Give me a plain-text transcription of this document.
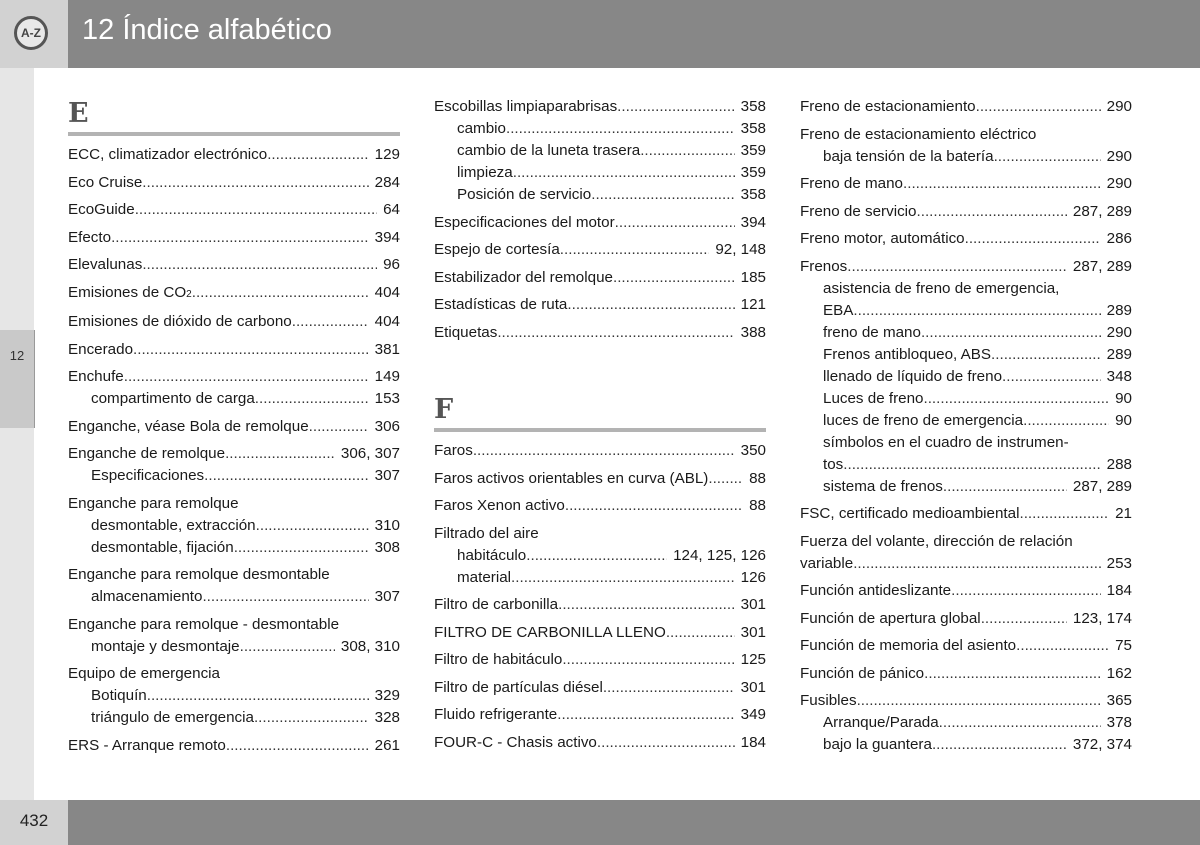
A-Z 12 Índice alfabético
12
E
ECC, climatizador electrónico .....	129
Eco Cruise .....	284
EcoGuide .....	64
Efecto .....	394
Elevalunas .....	96
Emisiones de CO 2 .....	404
Emisiones de dióxido de carbono .....	404
Encerado .....	381
Enchufe .....	149
compartimento de carga .....	153
Enganche, véase Bola de remolque .....	306
Enganche de remolque .....	306, 307
Especificaciones .....	307
Enganche para remolque
desmontable, extracción .....	310
desmontable, fijación .....	308
Enganche para remolque desmontable
almacenamiento .....	307
Enganche para remolque - desmontable
montaje y desmontaje .....	308, 310
Equipo de emergencia
Botiquín .....	329
triángulo de emergencia .....	328
ERS - Arranque remoto .....	261
Escobillas limpiaparabrisas .....	358
cambio .....	358
cambio de la luneta trasera .....	359
limpieza .....	359
Posición de servicio .....	358
Especificaciones del motor .....	394
Espejo de cortesía .....	92, 148
Estabilizador del remolque .....	185
Estadísticas de ruta .....	121
Etiquetas .....	388
F
Faros .....	350
Faros activos orientables en curva (ABL) .....	88
Faros Xenon activo .....	88
Filtrado del aire
habitáculo .....	124, 125, 126
material .....	126
Filtro de carbonilla .....	301
FILTRO DE CARBONILLA LLENO .....	301
Filtro de habitáculo .....	125
Filtro de partículas diésel .....	301
Fluido refrigerante .....	349
FOUR-C - Chasis activo .....	184
Freno de estacionamiento .....	290
Freno de estacionamiento eléctrico
baja tensión de la batería .....	290
Freno de mano .....	290
Freno de servicio .....	287, 289
Freno motor, automático .....	286
Frenos .....	287, 289
asistencia de freno de emergencia,
EBA .....	289
freno de mano .....	290
Frenos antibloqueo, ABS .....	289
llenado de líquido de freno .....	348
Luces de freno .....	90
luces de freno de emergencia .....	90
símbolos en el cuadro de instrumen-
tos .....	288
sistema de frenos .....	287, 289
FSC, certificado medioambiental .....	21
Fuerza del volante, dirección de relación
variable .....	253
Función antideslizante .....	184
Función de apertura global .....	123, 174
Función de memoria del asiento .....	75
Función de pánico .....	162
Fusibles .....	365
Arranque/Parada .....	378
bajo la guantera .....	372, 374
432
